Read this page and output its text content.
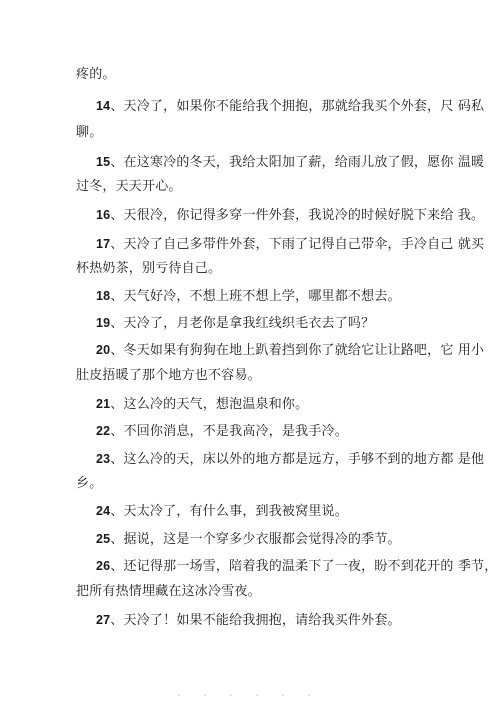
疼的。
14、天冷了，如果你不能给我个拥抱，那就给我买个外套，尺 码私
聊。
15、在这寒冷的冬天，我给太阳加了薪，给雨儿放了假，愿你 温暖
过冬，天天开心。
16、天很冷，你记得多穿一件外套，我说冷的时候好脱下来给 我。
17、天冷了自己多带件外套，下雨了记得自己带伞，手冷自己 就买
杯热奶茶，别亏待自己。
18、天气好冷，不想上班不想上学，哪里都不想去。
19、天冷了，月老你是拿我红线织毛衣去了吗？
20、冬天如果有狗狗在地上趴着挡到你了就给它让让路吧，它 用小
肚皮捂暖了那个地方也不容易。
21、这么冷的天气，想泡温泉和你。
22、不回你消息，不是我高冷，是我手冷。
23、这么冷的天，床以外的地方都是远方，手够不到的地方都 是他
乡。
24、天太冷了，有什么事，到我被窝里说。
25、据说，这是一个穿多少衣服都会觉得冷的季节。
26、还记得那一场雪，陪着我的温柔下了一夜，盼不到花开的 季节，
把所有热情埋藏在这冰冷雪夜。
27、天冷了！如果不能给我拥抱，请给我买件外套。
